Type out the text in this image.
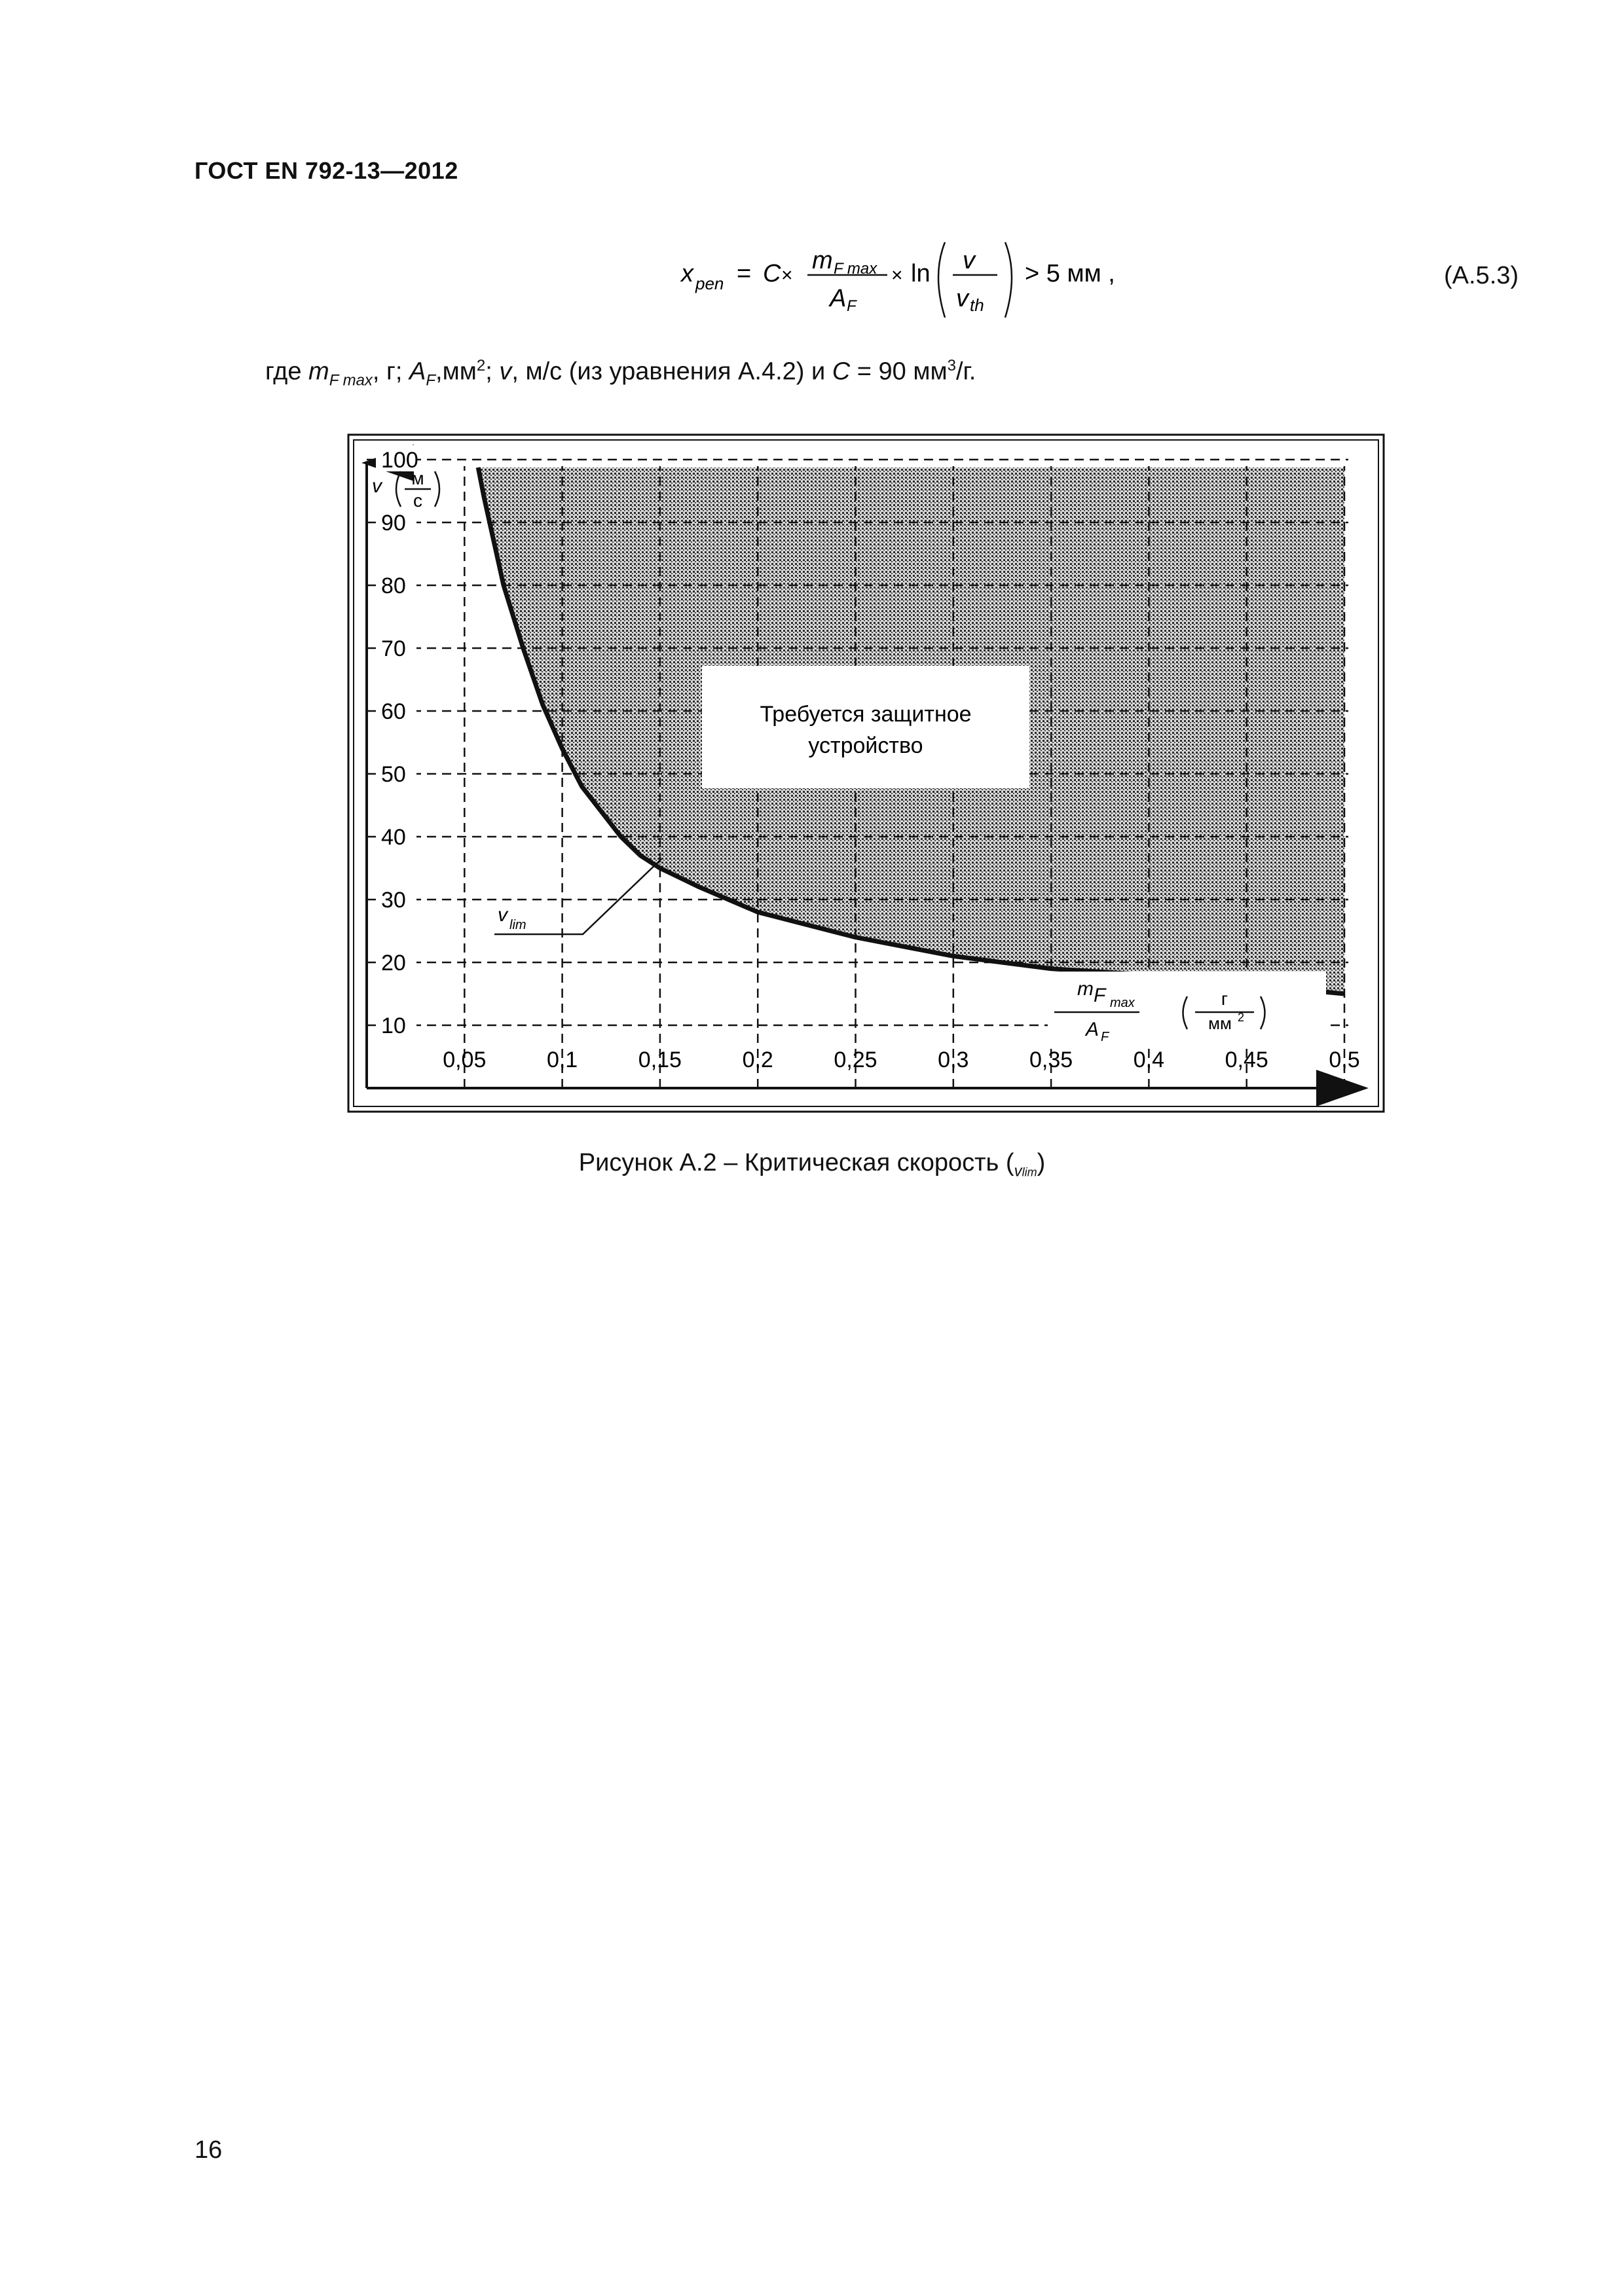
ГОСТ EN 792-13—2012
x pen = C ×
m F max
A F
× ln v
v th
> 5 мм ,	(A.5.3)
где $m_{F max}$, г; $A_F,мм^2$; v, м/с (из уравнения А.4.2) и C = 90 $мм^3/г$.
10
20
30
40
50
60
70
80
90
100
0,05	0,1	0,15	0,2	0,25	0,3	0,35	0,4	0,45	0,5
v м
с
m F max
A F
г
мм 2
Требуется защитное
устройство
v lim
Рисунок А.2 – Критическая скорость $(_{vlim})$
16
